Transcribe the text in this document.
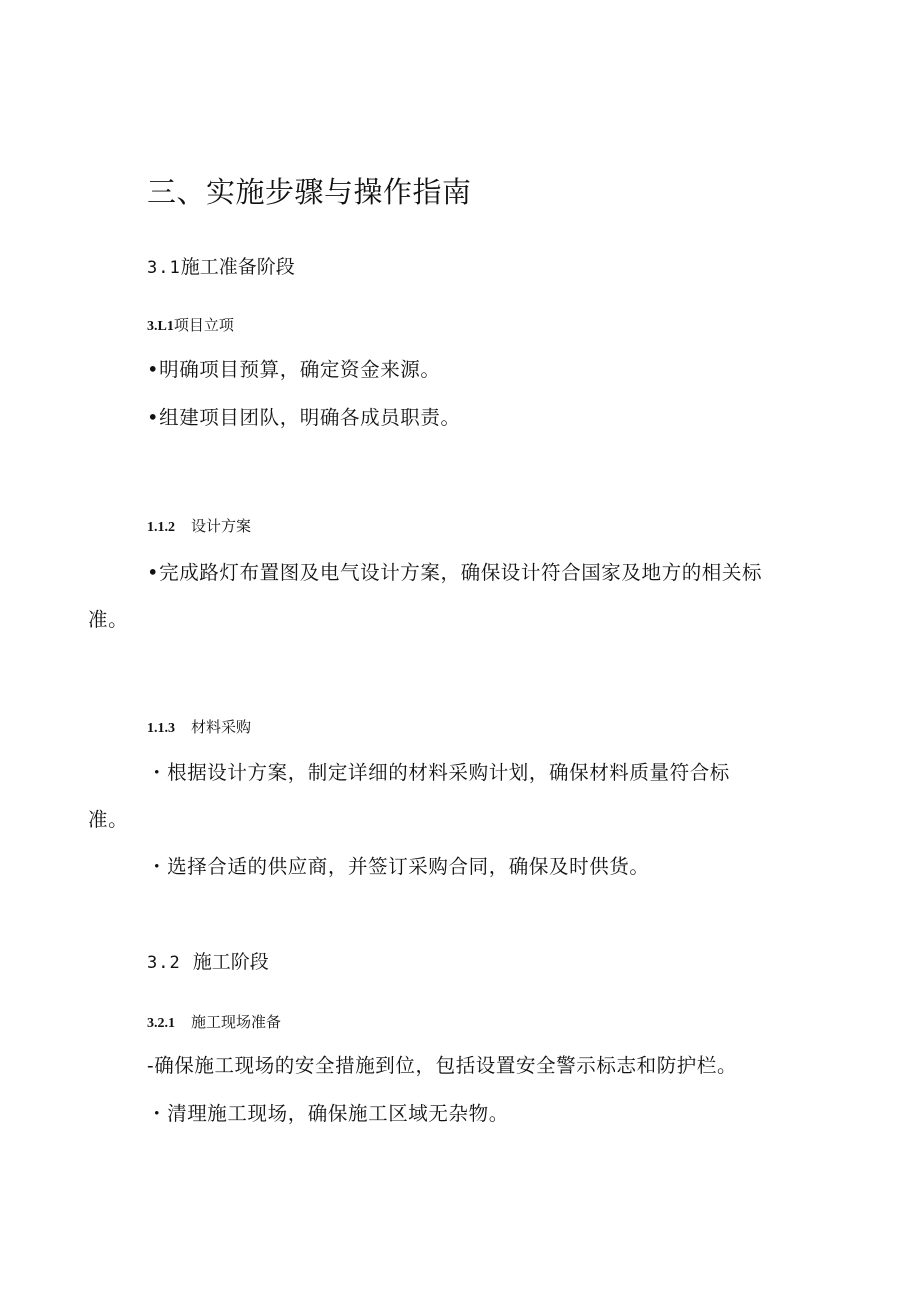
三、实施步骤与操作指南
3.1施工准备阶段
3.L1项目立项
•明确项目预算，确定资金来源。
•组建项目团队，明确各成员职责。
1.1.2 设计方案
•完成路灯布置图及电气设计方案，确保设计符合国家及地方的相关标
准。
1.1.3 材料采购
・根据设计方案，制定详细的材料采购计划，确保材料质量符合标
准。
・选择合适的供应商，并签订采购合同，确保及时供货。
3.2 施工阶段
3.2.1 施工现场准备
-确保施工现场的安全措施到位，包括设置安全警示标志和防护栏。
・清理施工现场，确保施工区域无杂物。
